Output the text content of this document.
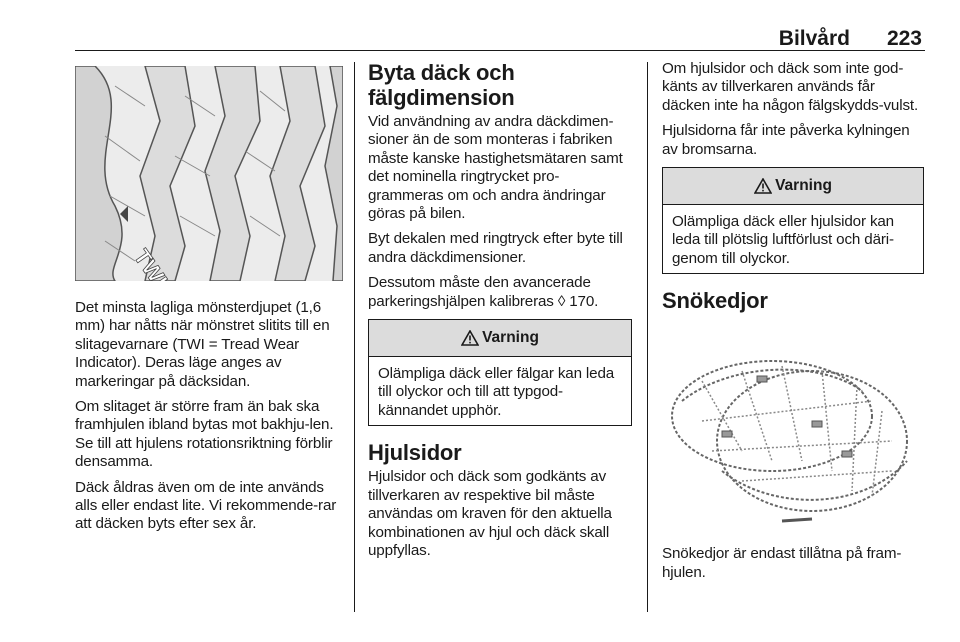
Bilvård 223
TWI

Det minsta lagliga mönsterdjupet (1,6 mm) har nåtts när mönstret slitits till en slitagevarnare (TWI = Tread Wear Indicator). Deras läge anges av markeringar på däcksidan.

Om slitaget är större fram än bak ska framhjulen ibland bytas mot bakhju-len. Se till att hjulens rotationsriktning förblir densamma.

Däck åldras även om de inte används alls eller endast lite. Vi rekommende-rar att däcken byts efter sex år.

Byta däck och fälgdimension

Vid användning av andra däckdimen-sioner än de som monteras i fabriken måste kanske hastighetsmätaren samt det nominella ringtrycket pro-grammeras om och andra ändringar göras på bilen.

Byt dekalen med ringtryck efter byte till andra däckdimensioner.

Dessutom måste den avancerade parkeringshjälpen kalibreras ◊ 170.

Varning

Olämpliga däck eller fälgar kan leda till olyckor och till att typgod-kännandet upphör.

Hjulsidor

Hjulsidor och däck som godkänts av tillverkaren av respektive bil måste användas om kraven för den aktuella kombinationen av hjul och däck skall uppfyllas.

Om hjulsidor och däck som inte god-känts av tillverkaren används får däcken inte ha någon fälgskydds-vulst.

Hjulsidorna får inte påverka kylningen av bromsarna.

Varning

Olämpliga däck eller hjulsidor kan leda till plötslig luftförlust och däri-genom till olyckor.

Snökedjor

Snökedjor är endast tillåtna på fram-hjulen.
